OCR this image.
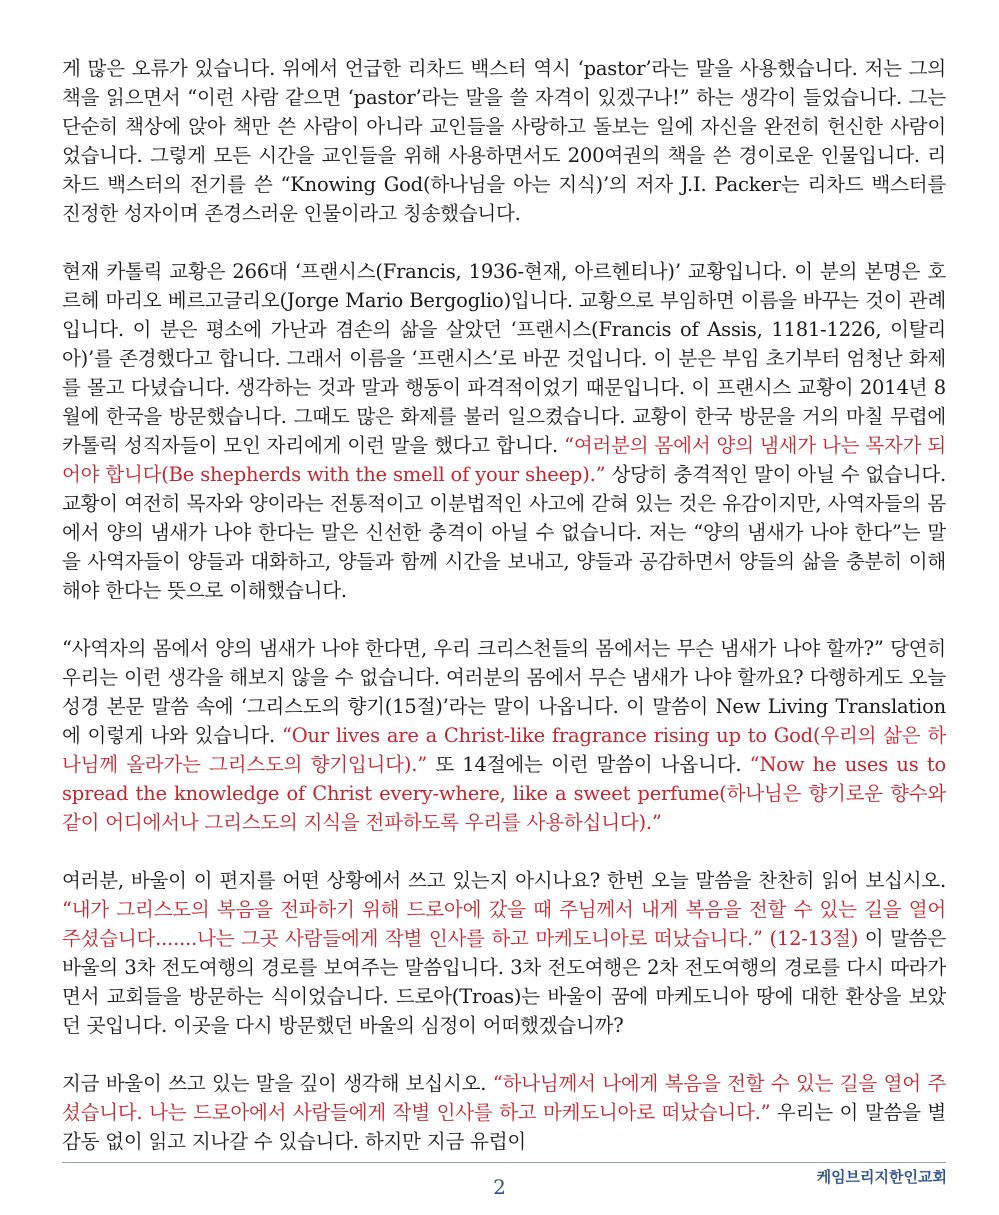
게 많은 오류가 있습니다. 위에서 언급한 리차드 백스터 역시 ‘pastor’라는 말을 사용했습니다. 저는 그의 책을 읽으면서 “이런 사람 같으면 ‘pastor’라는 말을 쓸 자격이 있겠구나!” 하는 생각이 들었습니다. 그는 단순히 책상에 앉아 책만 쓴 사람이 아니라 교인들을 사랑하고 돌보는 일에 자신을 완전히 헌신한 사람이었습니다. 그렇게 모든 시간을 교인들을 위해 사용하면서도 200여권의 책을 쓴 경이로운 인물입니다. 리차드 백스터의 전기를 쓴 “Knowing God(하나님을 아는 지식)’의 저자 J.I. Packer는 리차드 백스터를 진정한 성자이며 존경스러운 인물이라고 칭송했습니다.

현재 카톨릭 교황은 266대 ‘프랜시스(Francis, 1936-현재, 아르헨티나)’ 교황입니다. 이 분의 본명은 호르헤 마리오 베르고글리오(Jorge Mario Bergoglio)입니다. 교황으로 부임하면 이름을 바꾸는 것이 관례입니다. 이 분은 평소에 가난과 겸손의 삶을 살았던 ‘프랜시스(Francis of Assis, 1181-1226, 이탈리아)’를 존경했다고 합니다. 그래서 이름을 ‘프랜시스’로 바꾼 것입니다. 이 분은 부임 초기부터 엄청난 화제를 몰고 다녔습니다. 생각하는 것과 말과 행동이 파격적이었기 때문입니다. 이 프랜시스 교황이 2014년 8월에 한국을 방문했습니다. 그때도 많은 화제를 불러 일으켰습니다. 교황이 한국 방문을 거의 마칠 무렵에 카톨릭 성직자들이 모인 자리에게 이런 말을 했다고 합니다. “여러분의 몸에서 양의 냄새가 나는 목자가 되어야 합니다(Be shepherds with the smell of your sheep).” 상당히 충격적인 말이 아닐 수 없습니다. 교황이 여전히 목자와 양이라는 전통적이고 이분법적인 사고에 갇혀 있는 것은 유감이지만, 사역자들의 몸에서 양의 냄새가 나야 한다는 말은 신선한 충격이 아닐 수 없습니다. 저는 “양의 냄새가 나야 한다”는 말을 사역자들이 양들과 대화하고, 양들과 함께 시간을 보내고, 양들과 공감하면서 양들의 삶을 충분히 이해해야 한다는 뜻으로 이해했습니다.

“사역자의 몸에서 양의 냄새가 나야 한다면, 우리 크리스천들의 몸에서는 무슨 냄새가 나야 할까?” 당연히 우리는 이런 생각을 해보지 않을 수 없습니다. 여러분의 몸에서 무슨 냄새가 나야 할까요? 다행하게도 오늘 성경 본문 말씀 속에 ‘그리스도의 향기(15절)’라는 말이 나옵니다. 이 말씀이 New Living Translation에 이렇게 나와 있습니다. “Our lives are a Christ-like fragrance rising up to God(우리의 삶은 하나님께 올라가는 그리스도의 향기입니다).” 또 14절에는 이런 말씀이 나옵니다. “Now he uses us to spread the knowledge of Christ every-where, like a sweet perfume(하나님은 향기로운 향수와 같이 어디에서나 그리스도의 지식을 전파하도록 우리를 사용하십니다).”

여러분, 바울이 이 편지를 어떤 상황에서 쓰고 있는지 아시나요? 한번 오늘 말씀을 찬찬히 읽어 보십시오. “내가 그리스도의 복음을 전파하기 위해 드로아에 갔을 때 주님께서 내게 복음을 전할 수 있는 길을 열어 주셨습니다.......나는 그곳 사람들에게 작별 인사를 하고 마케도니아로 떠났습니다.” (12-13절) 이 말씀은 바울의 3차 전도여행의 경로를 보여주는 말씀입니다. 3차 전도여행은 2차 전도여행의 경로를 다시 따라가면서 교회들을 방문하는 식이었습니다. 드로아(Troas)는 바울이 꿈에 마케도니아 땅에 대한 환상을 보았던 곳입니다. 이곳을 다시 방문했던 바울의 심정이 어떠했겠습니까?

지금 바울이 쓰고 있는 말을 깊이 생각해 보십시오. “하나님께서 나에게 복음을 전할 수 있는 길을 열어 주셨습니다. 나는 드로아에서 사람들에게 작별 인사를 하고 마케도니아로 떠났습니다.” 우리는 이 말씀을 별 감동 없이 읽고 지나갈 수 있습니다. 하지만 지금 유럽이

2	케임브리지한인교회
